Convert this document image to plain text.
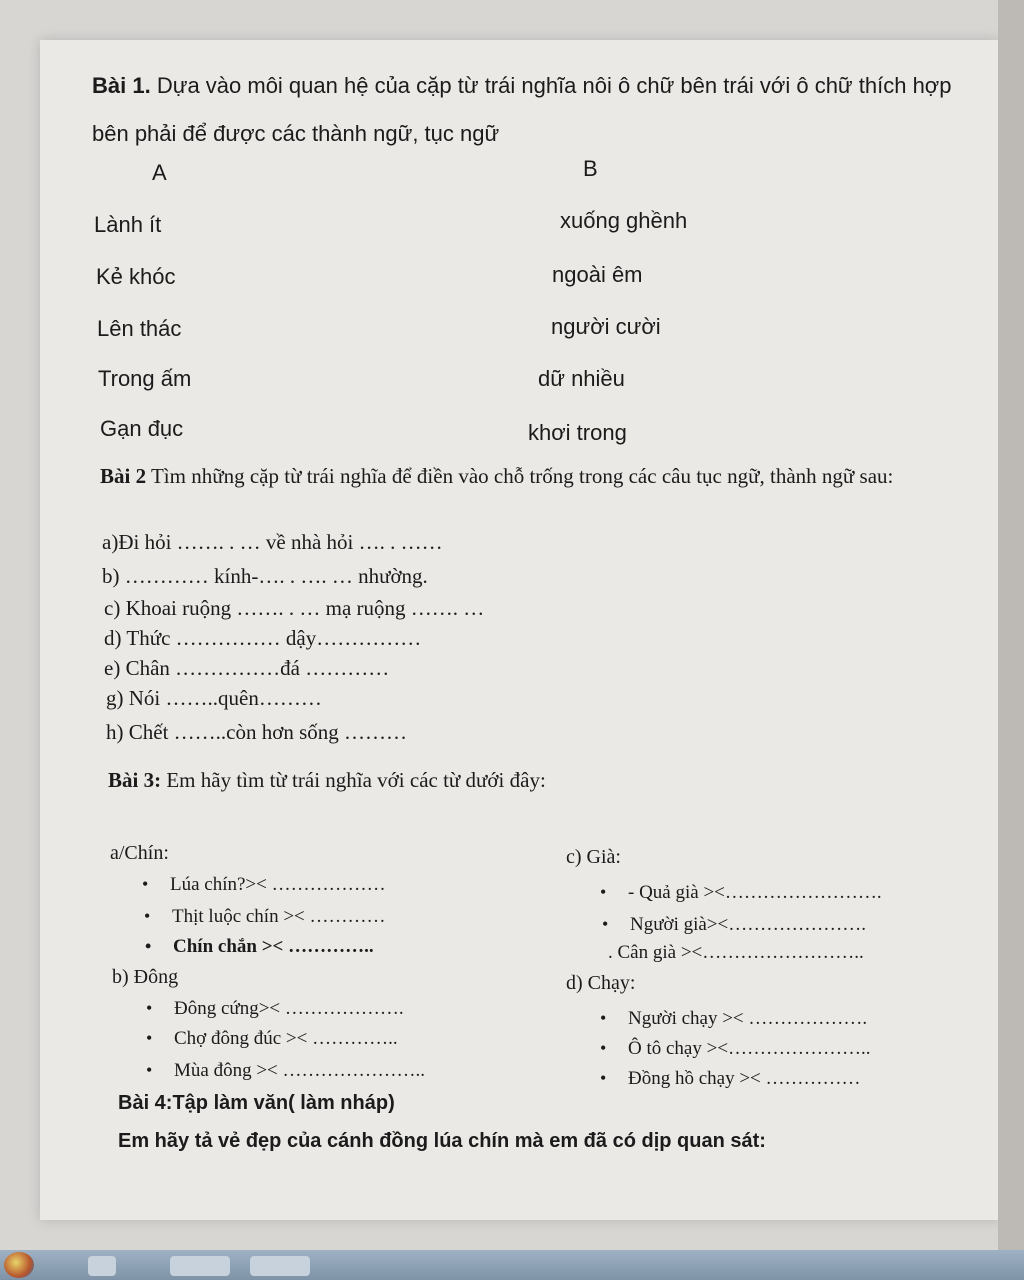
Bài 1. Dựa vào môi quan hệ của cặp từ trái nghĩa nôi ô chữ bên trái với ô chữ thích hợp bên phải để được các thành ngữ, tục ngữ
A	B
Lành ít
Kẻ khóc
Lên thác
Trong ấm
Gạn đục
xuống ghềnh
ngoài êm
người cười
dữ nhiều
khơi trong
Bài 2 Tìm những cặp từ trái nghĩa để điền vào chỗ trống trong các câu tục ngữ, thành ngữ sau:
a)Đi hỏi ……. . … về nhà hỏi …. . ……
b) ………… kính-…. . …. … nhường.
c) Khoai ruộng ……. . … mạ ruộng ……. …
d) Thức …………… dậy……………
e) Chân ……………đá …………
g) Nói ……..quên………
h) Chết ……..còn hơn sống ………
Bài 3: Em hãy tìm từ trái nghĩa với các từ dưới đây:
a/Chín:
• Lúa chín?>< ………………
• Thịt luộc chín >< …………
• Chín chắn >< …………..
b) Đông
• Đông cứng>< ……………….
• Chợ đông đúc >< …………..
• Mùa đông >< …………………..
c) Già:
• - Quả già ><…………………….
• Người già><………………….
. Cân già ><……………………..
d) Chạy:
• Người chạy >< ……………….
• Ô tô chạy ><…………………..
• Đồng hồ chạy >< ……………
Bài 4:Tập làm văn( làm nháp)
Em hãy tả vẻ đẹp của cánh đồng lúa chín mà em đã có dịp quan sát:
